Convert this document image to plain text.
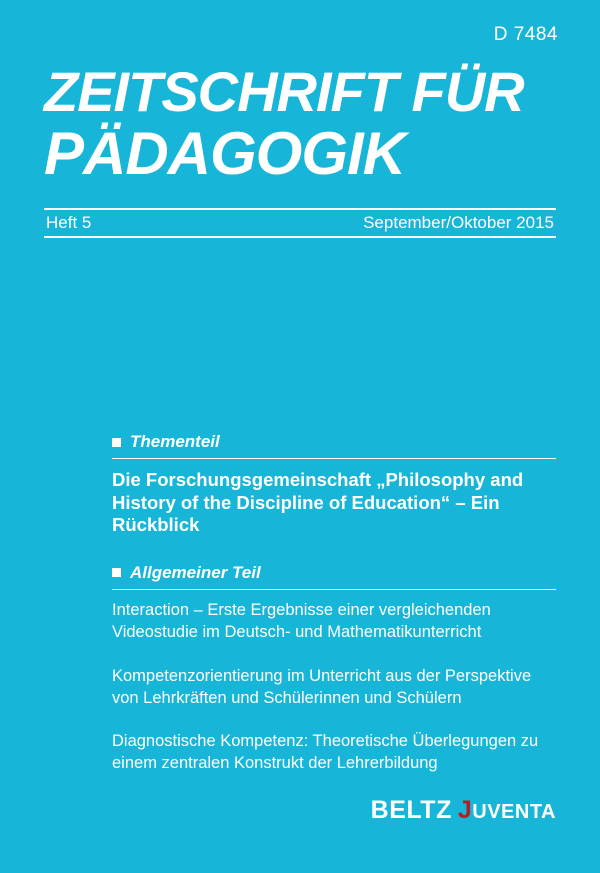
D 7484
ZEITSCHRIFT FÜR
PÄDAGOGIK
Heft 5	September/Oktober 2015
Thementeil

Die Forschungsgemeinschaft „Philosophy and History of the Discipline of Education“ – Ein Rückblick

Allgemeiner Teil

Interaction – Erste Ergebnisse einer vergleichenden Videostudie im Deutsch- und Mathematikunterricht

Kompetenzorientierung im Unterricht aus der Perspektive von Lehrkräften und Schülerinnen und Schülern

Diagnostische Kompetenz: Theoretische Überlegungen zu einem zentralen Konstrukt der Lehrerbildung

BELTZ J UVENTA
